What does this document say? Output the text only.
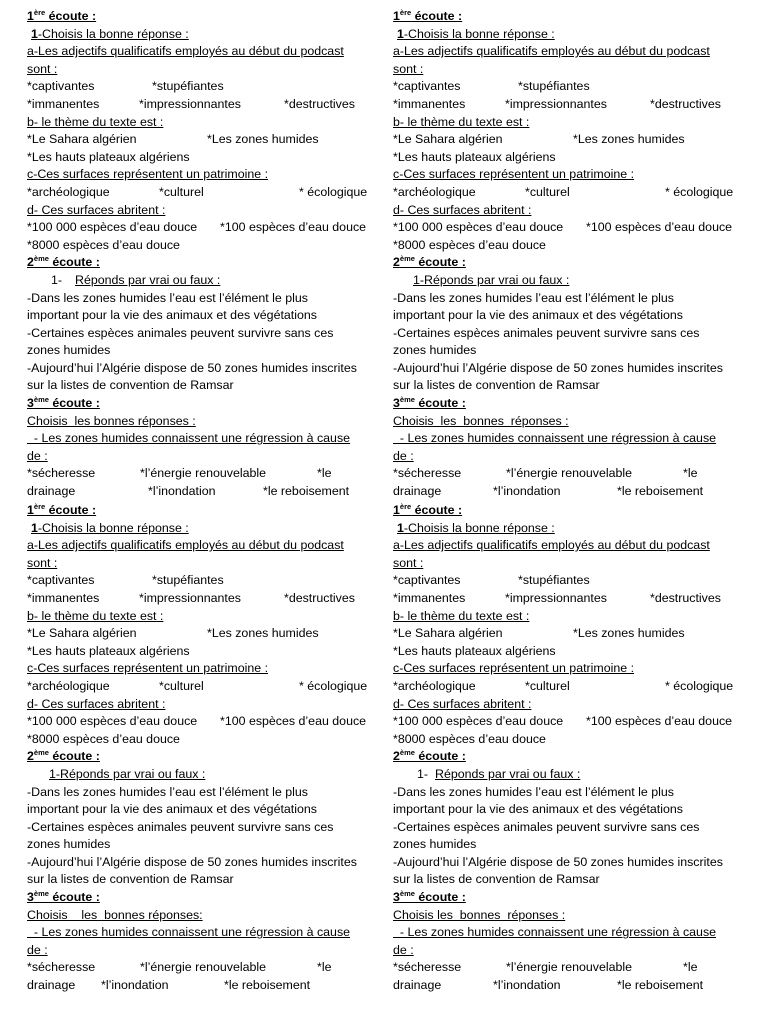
1ère écoute :
1-Choisis la bonne réponse :
a-Les adjectifs qualificatifs employés au début du podcast
sont :
*captivantes	*stupéfiantes
*immanentes	*impressionnantes	*destructives
b- le thème du texte est :
*Le Sahara algérien	*Les zones humides
*Les hauts plateaux algériens
c-Ces surfaces représentent un patrimoine :
*archéologique	*culturel	* écologique
d- Ces surfaces abritent :
*100 000 espèces d’eau douce *100 espèces d’eau douce
*8000 espèces d’eau douce
2ème écoute :
1- Réponds par vrai ou faux :
-Dans les zones humides l’eau est l’élément le plus
important pour la vie des animaux et des végétations
-Certaines espèces animales peuvent survivre sans ces
zones humides
-Aujourd’hui l’Algérie dispose de 50 zones humides inscrites
sur la listes de convention de Ramsar
3ème écoute :
Choisis  les bonnes réponses :
- Les zones humides connaissent une régression à cause
de :
*sécheresse	*l’énergie renouvelable	*le
drainage	*l’inondation	*le reboisement
1ère écoute :
1-Choisis la bonne réponse :
a-Les adjectifs qualificatifs employés au début du podcast
sont :
*captivantes	*stupéfiantes
*immanentes	*impressionnantes	*destructives
b- le thème du texte est :
*Le Sahara algérien	*Les zones humides
*Les hauts plateaux algériens
c-Ces surfaces représentent un patrimoine :
*archéologique	*culturel	* écologique
d- Ces surfaces abritent :
*100 000 espèces d’eau douce *100 espèces d’eau douce
*8000 espèces d’eau douce
2ème écoute :
1-Réponds par vrai ou faux :
-Dans les zones humides l’eau est l’élément le plus
important pour la vie des animaux et des végétations
-Certaines espèces animales peuvent survivre sans ces
zones humides
-Aujourd’hui l’Algérie dispose de 50 zones humides inscrites
sur la listes de convention de Ramsar
3ème écoute :
Choisis  les  bonnes  réponses :
- Les zones humides connaissent une régression à cause
de :
*sécheresse	*l’énergie renouvelable	*le
drainage	*l’inondation	*le reboisement
1ère écoute :
1-Choisis la bonne réponse :
a-Les adjectifs qualificatifs employés au début du podcast
sont :
*captivantes	*stupéfiantes
*immanentes	*impressionnantes	*destructives
b- le thème du texte est :
*Le Sahara algérien	*Les zones humides
*Les hauts plateaux algériens
c-Ces surfaces représentent un patrimoine :
*archéologique	*culturel	* écologique
d- Ces surfaces abritent :
*100 000 espèces d’eau douce *100 espèces d’eau douce
*8000 espèces d’eau douce
2ème écoute :
1-Réponds par vrai ou faux :
-Dans les zones humides l’eau est l’élément le plus
important pour la vie des animaux et des végétations
-Certaines espèces animales peuvent survivre sans ces
zones humides
-Aujourd’hui l’Algérie dispose de 50 zones humides inscrites
sur la listes de convention de Ramsar
3ème écoute :
Choisis    les  bonnes réponses:
- Les zones humides connaissent une régression à cause
de :
*sécheresse	*l’énergie renouvelable	*le
drainage *l’inondation	*le reboisement
1ère écoute :
1-Choisis la bonne réponse :
a-Les adjectifs qualificatifs employés au début du podcast
sont :
*captivantes	*stupéfiantes
*immanentes	*impressionnantes	*destructives
b- le thème du texte est :
*Le Sahara algérien	*Les zones humides
*Les hauts plateaux algériens
c-Ces surfaces représentent un patrimoine :
*archéologique	*culturel	* écologique
d- Ces surfaces abritent :
*100 000 espèces d’eau douce *100 espèces d’eau douce
*8000 espèces d’eau douce
2ème écoute :
1- Réponds par vrai ou faux :
-Dans les zones humides l’eau est l’élément le plus
important pour la vie des animaux et des végétations
-Certaines espèces animales peuvent survivre sans ces
zones humides
-Aujourd’hui l’Algérie dispose de 50 zones humides inscrites
sur la listes de convention de Ramsar
3ème écoute :
Choisis les  bonnes  réponses :
- Les zones humides connaissent une régression à cause
de :
*sécheresse	*l’énergie renouvelable	*le
drainage	*l’inondation	*le reboisement
